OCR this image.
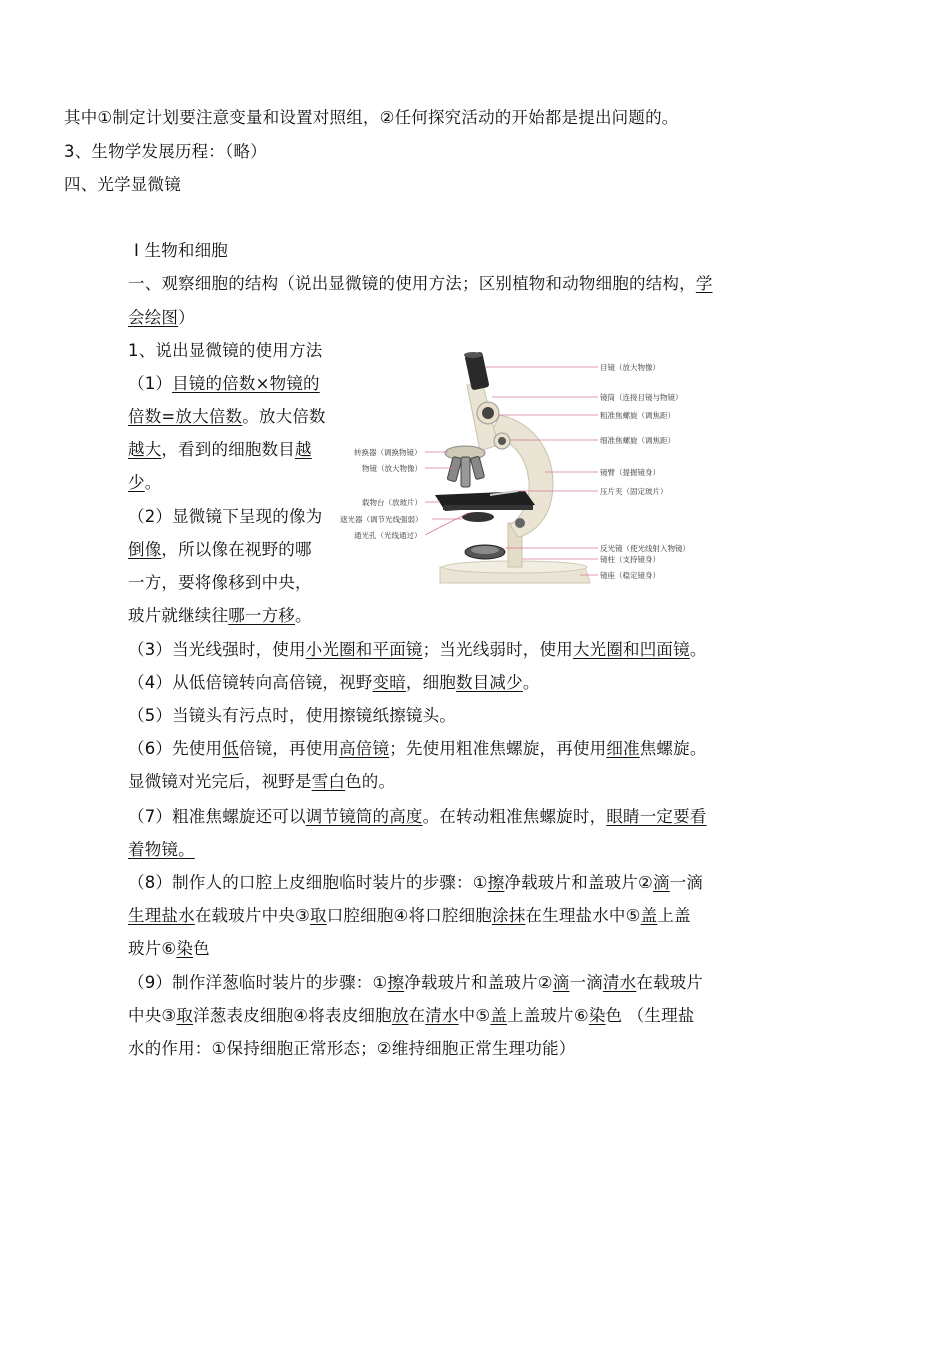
其中①制定计划要注意变量和设置对照组，②任何探究活动的开始都是提出问题的。
3、生物学发展历程：（略）
四、光学显微镜
Ⅰ 生物和细胞
一、观察细胞的结构（说出显微镜的使用方法；区别植物和动物细胞的结构，学
会绘图）
1、说出显微镜的使用方法
（1）目镜的倍数×物镜的
倍数=放大倍数。放大倍数
越大，看到的细胞数目越
少。
（2）显微镜下呈现的像为
倒像，所以像在视野的哪
一方，要将像移到中央，
玻片就继续往哪一方移。
（3）当光线强时，使用小光圈和平面镜；当光线弱时，使用大光圈和凹面镜。
（4）从低倍镜转向高倍镜，视野变暗，细胞数目减少。
（5）当镜头有污点时，使用擦镜纸擦镜头。
（6）先使用低倍镜，再使用高倍镜；先使用粗准焦螺旋，再使用细准焦螺旋。
显微镜对光完后，视野是雪白色的。
（7）粗准焦螺旋还可以调节镜筒的高度。在转动粗准焦螺旋时，眼睛一定要看
着物镜。
（8）制作人的口腔上皮细胞临时装片的步骤：①擦净载玻片和盖玻片②滴一滴
生理盐水在载玻片中央③取口腔细胞④将口腔细胞涂抹在生理盐水中⑤盖上盖
玻片⑥染色
（9）制作洋葱临时装片的步骤：①擦净载玻片和盖玻片②滴一滴清水在载玻片
中央③取洋葱表皮细胞④将表皮细胞放在清水中⑤盖上盖玻片⑥染色 （生理盐
水的作用：①保持细胞正常形态；②维持细胞正常生理功能）
目镜（放大物像）
镜筒（连接目镜与物镜）
粗准焦螺旋（调焦距）
细准焦螺旋（调焦距）
镜臂（提握镜身）
压片夹（固定玻片）
反光镜（使光线射入物镜）
镜柱（支持镜身）
镜座（稳定镜身）
转换器（调换物镜）
物镜（放大物像）
载物台（放玻片）
遮光器（调节光线强弱）
通光孔（光线通过）
